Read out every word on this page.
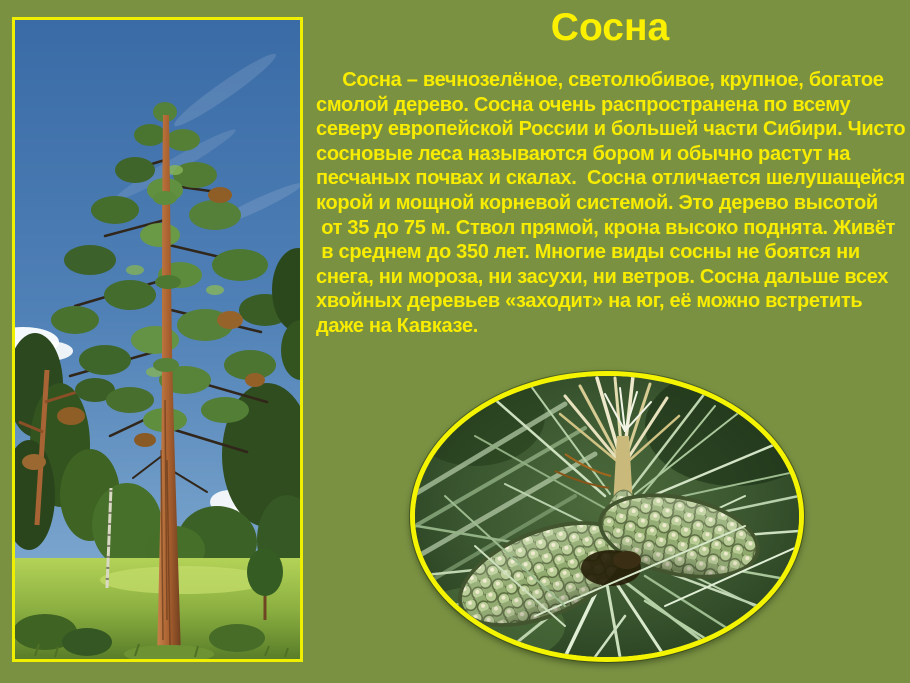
Сосна
Сосна – вечнозелёное, светолюбивое, крупное, богатое
смолой дерево. Сосна очень распространена по всему
северу европейской России и большей части Сибири. Чисто
сосновые леса называются бором и обычно растут на
песчаных почвах и скалах.  Сосна отличается шелушащейся
корой и мощной корневой системой. Это дерево высотой
от 35 до 75 м. Ствол прямой, крона высоко поднята. Живёт
в среднем до 350 лет. Многие виды сосны не боятся ни
снега, ни мороза, ни засухи, ни ветров. Сосна дальше всех
хвойных деревьев «заходит» на юг, её можно встретить
даже на Кавказе.
